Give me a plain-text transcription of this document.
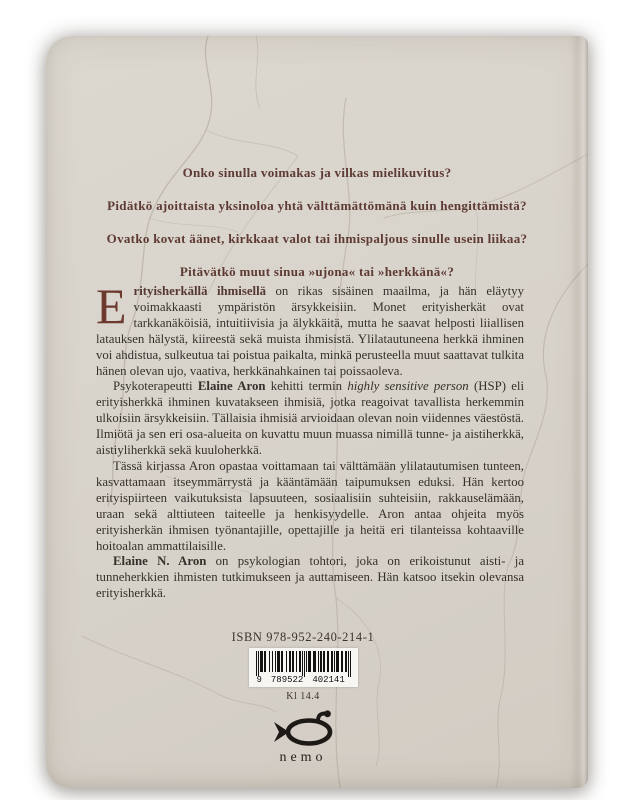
Onko sinulla voimakas ja vilkas mielikuvitus?

Pidätkö ajoittaista yksinoloa yhtä välttämättömänä kuin hengittämistä?

Ovatko kovat äänet, kirkkaat valot tai ihmispaljous sinulle usein liikaa?

Pitävätkö muut sinua »ujona« tai »herkkänä«?

Erityisherkällä ihmisellä on rikas sisäinen maailma, ja hän eläytyy voimakkaasti ympäristön ärsykkeisiin. Monet erityisherkät ovat tarkkanäköisiä, intuitiivisia ja älykkäitä, mutta he saavat helposti liiallisen latauksen hälystä, kiireestä sekä muista ihmisistä. Ylilatautuneena herkkä ihminen voi ahdistua, sulkeutua tai poistua paikalta, minkä perusteella muut saattavat tulkita hänen olevan ujo, vaativa, herkkänahkainen tai poissaoleva.

Psykoterapeutti Elaine Aron kehitti termin highly sensitive person (HSP) eli erityisherkkä ihminen kuvatakseen ihmisiä, jotka reagoivat tavallista herkemmin ulkoisiin ärsykkeisiin. Tällaisia ihmisiä arvioidaan olevan noin viidennes väestöstä. Ilmiötä ja sen eri osa-alueita on kuvattu muun muassa nimillä tunne- ja aistiherkkä, aistiyliherkkä sekä kuuloherkkä.

Tässä kirjassa Aron opastaa voittamaan tai välttämään ylilatautumisen tunteen, kasvattamaan itseymmärrystä ja kääntämään taipumuksen eduksi. Hän kertoo erityispiirteen vaikutuksista lapsuuteen, sosiaalisiin suhteisiin, rakkauselämään, uraan sekä alttiuteen taiteelle ja henkisyydelle. Aron antaa ohjeita myös erityisherkän ihmisen työnantajille, opettajille ja heitä eri tilanteissa kohtaaville hoitoalan ammattilaisille.

Elaine N. Aron on psykologian tohtori, joka on erikoistunut aisti- ja tunneherkkien ihmisten tutkimukseen ja auttamiseen. Hän katsoo itsekin olevansa erityisherkkä.

ISBN 978-952-240-214-1
9 789522 402141
Kl 14.4
nemo
